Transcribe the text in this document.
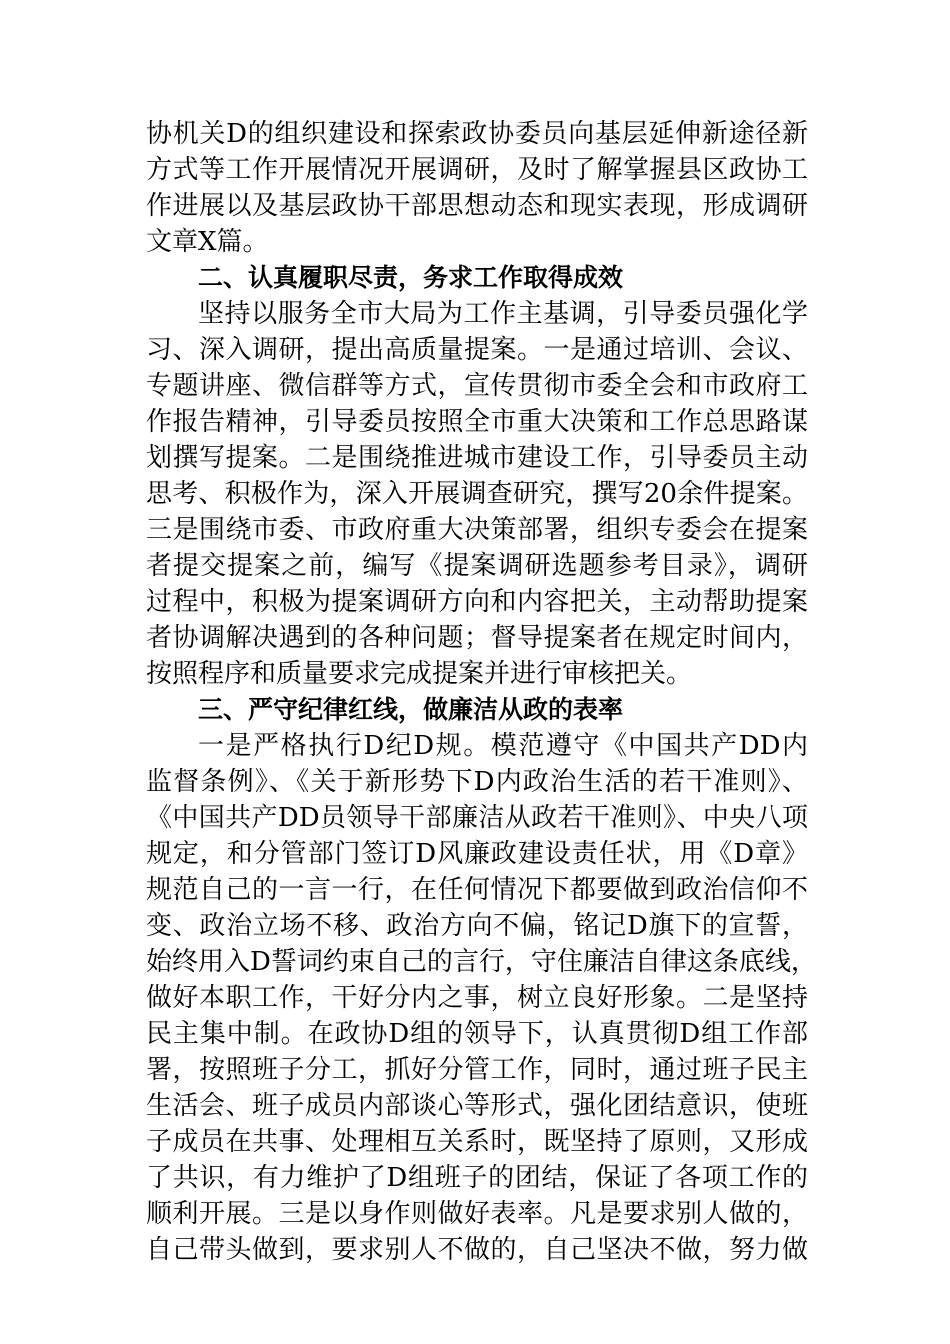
协机关D的组织建设和探索政协委员向基层延伸新途径新
方式等工作开展情况开展调研，及时了解掌握县区政协工
作进展以及基层政协干部思想动态和现实表现，形成调研
文章X篇。
二、认真履职尽责，务求工作取得成效
坚持以服务全市大局为工作主基调，引导委员强化学
习、深入调研，提出高质量提案。一是通过培训、会议、
专题讲座、微信群等方式，宣传贯彻市委全会和市政府工
作报告精神，引导委员按照全市重大决策和工作总思路谋
划撰写提案。二是围绕推进城市建设工作，引导委员主动
思考、积极作为，深入开展调查研究，撰写20余件提案。
三是围绕市委、市政府重大决策部署，组织专委会在提案
者提交提案之前，编写《提案调研选题参考目录》，调研
过程中，积极为提案调研方向和内容把关，主动帮助提案
者协调解决遇到的各种问题；督导提案者在规定时间内，
按照程序和质量要求完成提案并进行审核把关。
三、严守纪律红线，做廉洁从政的表率
一是严格执行D纪D规。模范遵守《中国共产DD内
监督条例》、《关于新形势下D内政治生活的若干准则》、
《中国共产DD员领导干部廉洁从政若干准则》、中央八项
规定，和分管部门签订D风廉政建设责任状，用《D章》
规范自己的一言一行，在任何情况下都要做到政治信仰不
变、政治立场不移、政治方向不偏，铭记D旗下的宣誓，
始终用入D誓词约束自己的言行，守住廉洁自律这条底线，
做好本职工作，干好分内之事，树立良好形象。二是坚持
民主集中制。在政协D组的领导下，认真贯彻D组工作部
署，按照班子分工，抓好分管工作，同时，通过班子民主
生活会、班子成员内部谈心等形式，强化团结意识，使班
子成员在共事、处理相互关系时，既坚持了原则，又形成
了共识，有力维护了D组班子的团结，保证了各项工作的
顺利开展。三是以身作则做好表率。凡是要求别人做的，
自己带头做到，要求别人不做的，自己坚决不做，努力做
